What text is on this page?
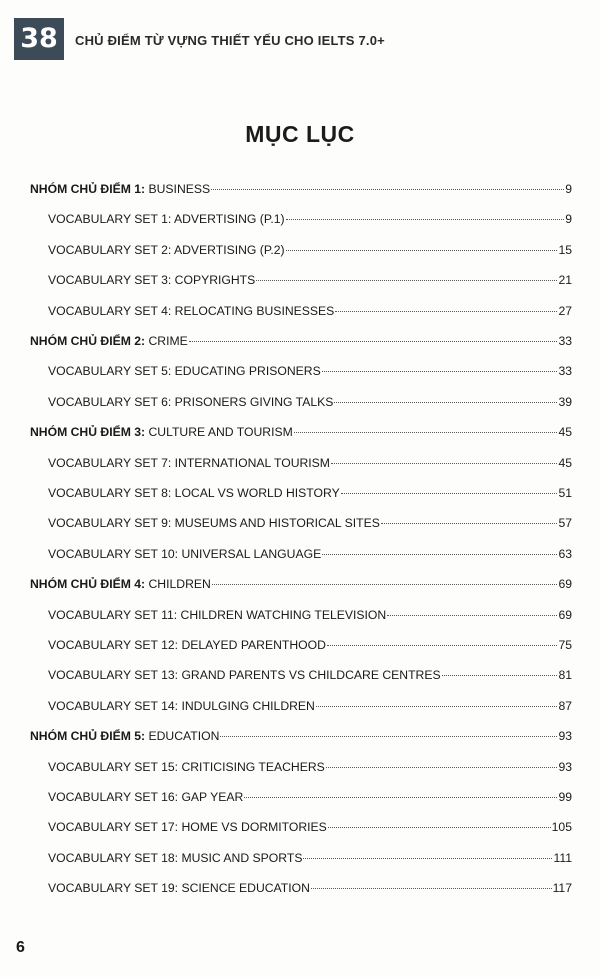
38	CHỦ ĐIỂM TỪ VỰNG THIẾT YẾU CHO IELTS 7.0+
MỤC LỤC
NHÓM CHỦ ĐIỂM 1: BUSINESS	9
VOCABULARY SET 1: ADVERTISING (P.1)	9
VOCABULARY SET 2: ADVERTISING (P.2)	15
VOCABULARY SET 3: COPYRIGHTS	21
VOCABULARY SET 4: RELOCATING BUSINESSES	27
NHÓM CHỦ ĐIỂM 2: CRIME	33
VOCABULARY SET 5: EDUCATING PRISONERS	33
VOCABULARY SET 6: PRISONERS GIVING TALKS	39
NHÓM CHỦ ĐIỂM 3: CULTURE AND TOURISM	45
VOCABULARY SET 7: INTERNATIONAL TOURISM	45
VOCABULARY SET 8: LOCAL VS WORLD HISTORY	51
VOCABULARY SET 9: MUSEUMS AND HISTORICAL SITES	57
VOCABULARY SET 10: UNIVERSAL LANGUAGE	63
NHÓM CHỦ ĐIỂM 4: CHILDREN	69
VOCABULARY SET 11: CHILDREN WATCHING TELEVISION	69
VOCABULARY SET 12: DELAYED PARENTHOOD	75
VOCABULARY SET 13: GRAND PARENTS VS CHILDCARE CENTRES	81
VOCABULARY SET 14: INDULGING CHILDREN	87
NHÓM CHỦ ĐIỂM 5: EDUCATION	93
VOCABULARY SET 15: CRITICISING TEACHERS	93
VOCABULARY SET 16: GAP YEAR	99
VOCABULARY SET 17: HOME VS DORMITORIES	105
VOCABULARY SET 18: MUSIC AND SPORTS	111
VOCABULARY SET 19: SCIENCE EDUCATION	117
6
